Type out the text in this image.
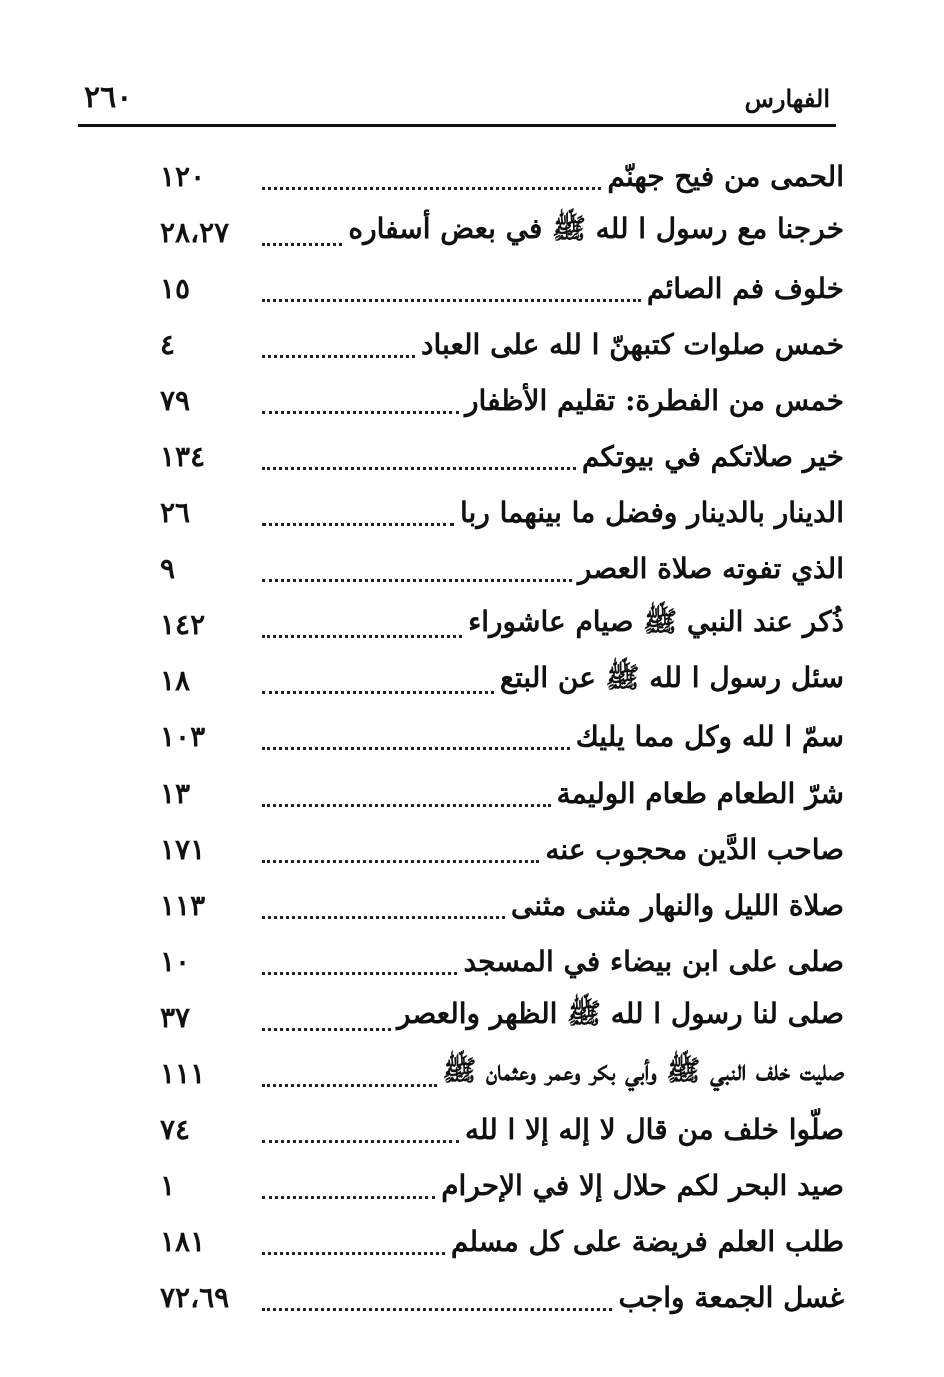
٢٦٠	الفهارس
الحمى من فيح جهنّم
١٢٠
خرجنا مع رسول ا لله ﷺ في بعض أسفاره
٢٨،٢٧
خلوف فم الصائم
١٥
خمس صلوات كتبهنّ ا لله على العباد
٤
خمس من الفطرة: تقليم الأظفار
٧٩
خير صلاتكم في بيوتكم
١٣٤
الدينار بالدينار وفضل ما بينهما ربا
٢٦
الذي تفوته صلاة العصر
٩
ذُكر عند النبي ﷺ صيام عاشوراء
١٤٢
سئل رسول ا لله ﷺ عن البتع
١٨
سمّ ا لله وكل مما يليك
١٠٣
شرّ الطعام طعام الوليمة
١٣
صاحب الدَّين محجوب عنه
١٧١
صلاة الليل والنهار مثنى مثنى
١١٣
صلى على ابن بيضاء في المسجد
١٠
صلى لنا رسول ا لله ﷺ الظهر والعصر
٣٧
صليت خلف النبي ﷺ وأبي بكر وعمر وعثمان ﷺ
١١١
صلّوا خلف من قال لا إله إلا ا لله
٧٤
صيد البحر لكم حلال إلا في الإحرام
١
طلب العلم فريضة على كل مسلم
١٨١
غسل الجمعة واجب
٧٢،٦٩
